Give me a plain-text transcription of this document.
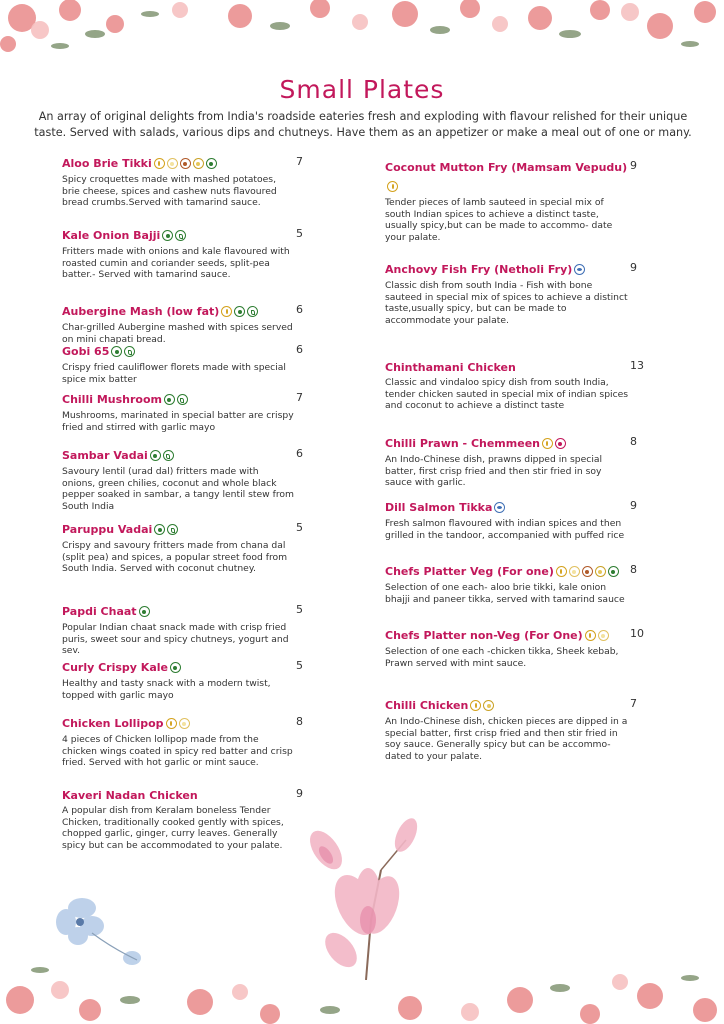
Small Plates

An array of original delights from India's roadside eateries fresh and exploding with flavour relished for their unique taste. Served with salads, various dips and chutneys. Have them as an appetizer or make a meal out of one or many.

Aloo Brie Tikki
Spicy croquettes made with mashed potatoes, brie cheese, spices and cashew nuts flavoured bread crumbs.Served with tamarind sauce.
7
Kale Onion Bajji
Fritters made with onions and kale flavoured with roasted cumin and coriander seeds, split-pea batter.- Served with tamarind sauce.
5
Aubergine Mash (low fat)
Char-grilled Aubergine mashed with spices served on mini chapati bread.
6
Gobi 65
Crispy fried cauliflower florets made with special spice mix batter
6
Chilli Mushroom
Mushrooms, marinated in special batter are crispy fried and stirred with garlic mayo
7
Sambar Vadai
Savoury lentil (urad dal) fritters made with onions, green chilies, coconut and whole black pepper soaked in sambar, a tangy lentil stew from South India
6
Paruppu Vadai
Crispy and savoury fritters made from chana dal (split pea) and spices, a popular street food from South India. Served with coconut chutney.
5
Papdi Chaat
Popular Indian chaat snack made with crisp fried puris, sweet sour and spicy chutneys, yogurt and sev.
5
Curly Crispy Kale
Healthy and tasty snack with a modern twist, topped with garlic mayo
5
Chicken Lollipop
4 pieces of Chicken lollipop made from the chicken wings coated in spicy red batter and crisp fried. Served with hot garlic or mint sauce.
8
Kaveri Nadan Chicken
A popular dish from Keralam boneless Tender Chicken, traditionally cooked gently with spices, chopped garlic, ginger, curry leaves. Generally spicy but can be accommodated to your palate.
9
Coconut Mutton Fry (Mamsam Vepudu)
Tender pieces of lamb sauteed in special mix of south Indian spices to achieve a distinct taste, usually spicy,but can be made to accommo- date your palate.
9
Anchovy Fish Fry (Netholi Fry)
Classic dish from south India - Fish with bone sauteed in special mix of spices to achieve a distinct taste,usually spicy, but can be made to accommodate your palate.
9
Chinthamani Chicken
Classic and vindaloo spicy dish from south India, tender chicken sauted in special mix of indian spices and coconut to achieve a distinct taste
13
Chilli Prawn - Chemmeen
An Indo-Chinese dish, prawns dipped in special batter, first crisp fried and then stir fried in soy sauce with garlic.
8
Dill Salmon Tikka
Fresh salmon flavoured with indian spices and then grilled in the tandoor, accompanied with puffed rice
9
Chefs Platter Veg (For one)
Selection of one each- aloo brie tikki, kale onion bhajji and paneer tikka, served with tamarind sauce
8
Chefs Platter non-Veg (For One)
Selection of one each -chicken tikka, Sheek kebab, Prawn served with mint sauce.
10
Chilli Chicken
An Indo-Chinese dish, chicken pieces are dipped in a special batter, first crisp fried and then stir fried in soy sauce. Generally spicy but can be accommo- dated to your palate.
7
